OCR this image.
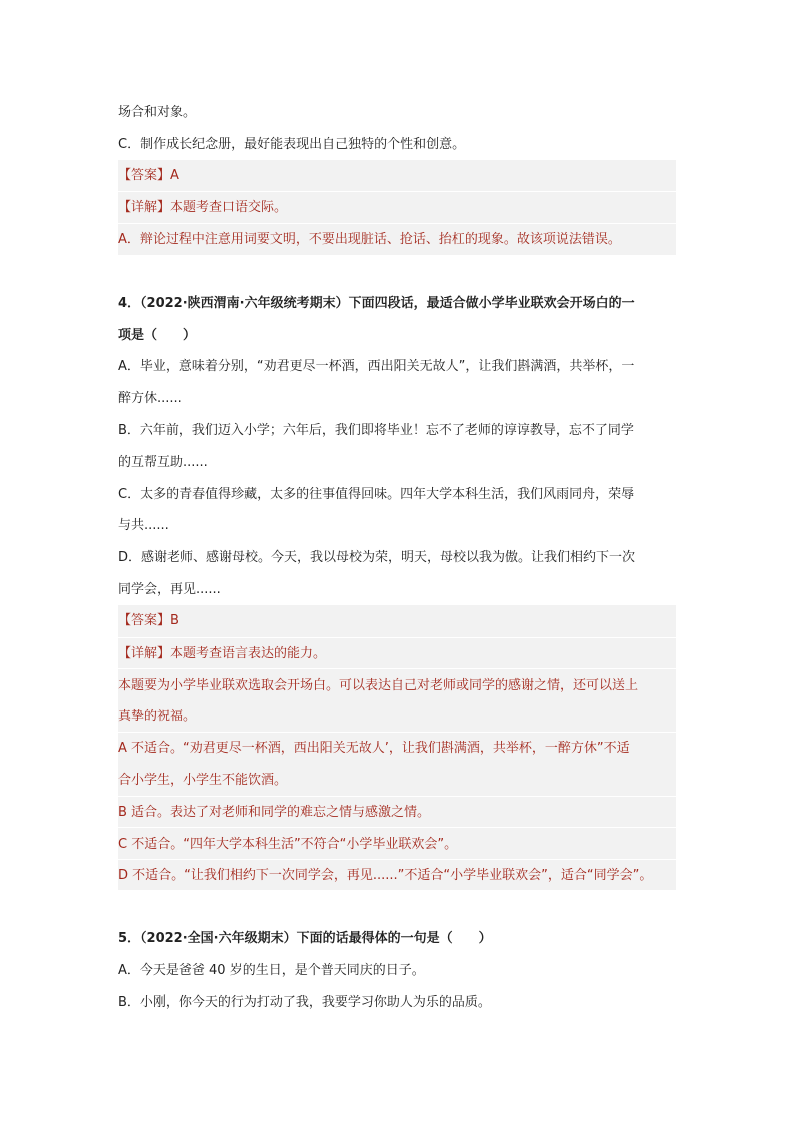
场合和对象。
C．制作成长纪念册，最好能表现出自己独特的个性和创意。
【答案】A
【详解】本题考查口语交际。
A．辩论过程中注意用词要文明，不要出现脏话、抢话、抬杠的现象。故该项说法错误。
4．（2022·陕西渭南·六年级统考期末）下面四段话，最适合做小学毕业联欢会开场白的一
项是（　　）
A．毕业，意味着分别，“劝君更尽一杯酒，西出阳关无故人”，让我们斟满酒，共举杯，一
醉方休......
B．六年前，我们迈入小学；六年后，我们即将毕业！忘不了老师的谆谆教导，忘不了同学
的互帮互助......
C．太多的青春值得珍藏，太多的往事值得回味。四年大学本科生活，我们风雨同舟，荣辱
与共......
D．感谢老师、感谢母校。今天，我以母校为荣，明天，母校以我为傲。让我们相约下一次
同学会，再见......
【答案】B
【详解】本题考查语言表达的能力。
本题要为小学毕业联欢选取会开场白。可以表达自己对老师或同学的感谢之情，还可以送上
真挚的祝福。
A 不适合。“劝君更尽一杯酒，西出阳关无故人’，让我们斟满酒，共举杯，一醉方休”不适
合小学生，小学生不能饮酒。
B 适合。表达了对老师和同学的难忘之情与感激之情。
C 不适合。“四年大学本科生活”不符合“小学毕业联欢会”。
D 不适合。“让我们相约下一次同学会，再见......”不适合“小学毕业联欢会”，适合“同学会”。
5．（2022·全国·六年级期末）下面的话最得体的一句是（　　）
A．今天是爸爸 40 岁的生日，是个普天同庆的日子。
B．小刚，你今天的行为打动了我，我要学习你助人为乐的品质。
